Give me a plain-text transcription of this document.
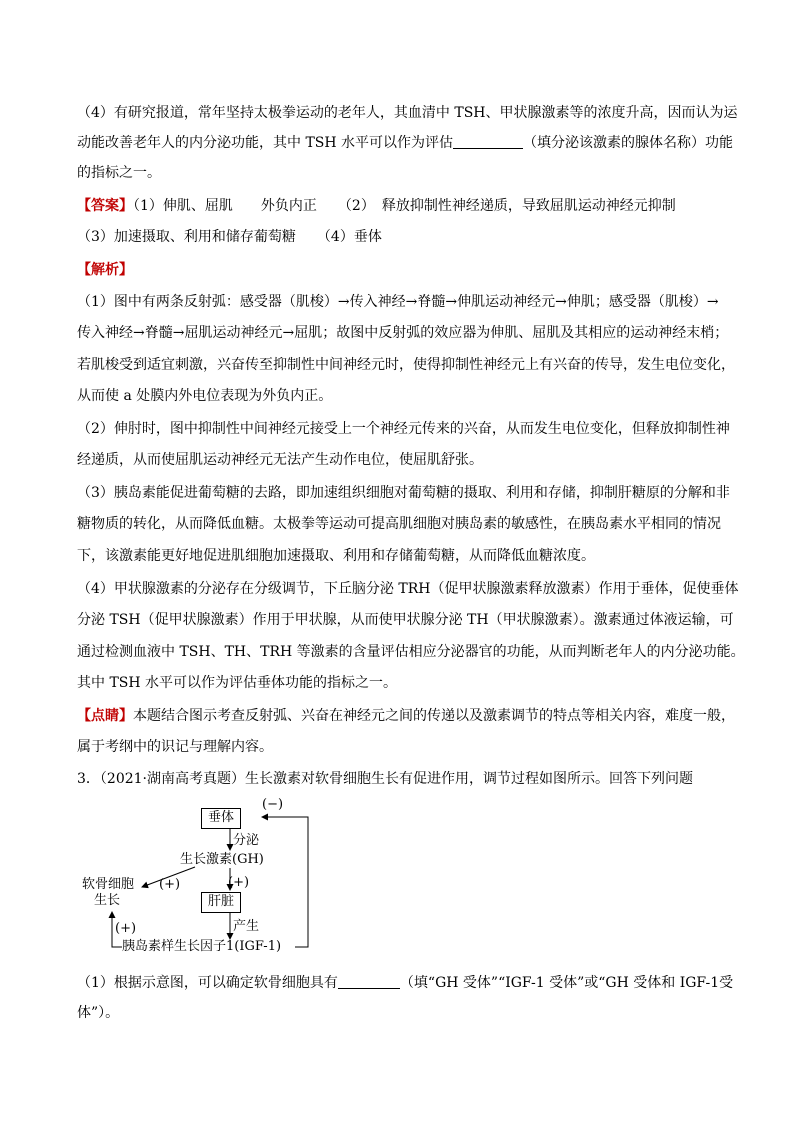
（4）有研究报道，常年坚持太极拳运动的老年人，其血清中 TSH、甲状腺激素等的浓度升高，因而认为运
动能改善老年人的内分泌功能，其中 TSH 水平可以作为评估	（填分泌该激素的腺体名称）功能
的指标之一。
【答案】（1）伸肌、屈肌　　外负内正　　（2）　释放抑制性神经递质，导致屈肌运动神经元抑制
（3）加速摄取、利用和储存葡萄糖　　（4）垂体
【解析】
（1）图中有两条反射弧：感受器（肌梭）→传入神经→脊髓→伸肌运动神经元→伸肌；感受器（肌梭）→
传入神经→脊髓→屈肌运动神经元→屈肌；故图中反射弧的效应器为伸肌、屈肌及其相应的运动神经末梢；
若肌梭受到适宜刺激，兴奋传至抑制性中间神经元时，使得抑制性神经元上有兴奋的传导，发生电位变化，
从而使 a 处膜内外电位表现为外负内正。
（2）伸肘时，图中抑制性中间神经元接受上一个神经元传来的兴奋，从而发生电位变化，但释放抑制性神
经递质，从而使屈肌运动神经元无法产生动作电位，使屈肌舒张。
（3）胰岛素能促进葡萄糖的去路，即加速组织细胞对葡萄糖的摄取、利用和存储，抑制肝糖原的分解和非
糖物质的转化，从而降低血糖。太极拳等运动可提高肌细胞对胰岛素的敏感性，在胰岛素水平相同的情况
下，该激素能更好地促进肌细胞加速摄取、利用和存储葡萄糖，从而降低血糖浓度。
（4）甲状腺激素的分泌存在分级调节，下丘脑分泌 TRH（促甲状腺激素释放激素）作用于垂体，促使垂体
分泌 TSH（促甲状腺激素）作用于甲状腺，从而使甲状腺分泌 TH（甲状腺激素）。激素通过体液运输，可
通过检测血液中 TSH、TH、TRH 等激素的含量评估相应分泌器官的功能，从而判断老年人的内分泌功能。
其中 TSH 水平可以作为评估垂体功能的指标之一。
【点睛】本题结合图示考查反射弧、兴奋在神经元之间的传递以及激素调节的特点等相关内容，难度一般，
属于考纲中的识记与理解内容。
3．（2021·湖南高考真题）生长激素对软骨细胞生长有促进作用，调节过程如图所示。回答下列问题
垂体
(−)
分泌
生长激素(GH)
(+)
软骨细胞
生长
(+)
肝脏
产生
(+)
胰岛素样生长因子1(IGF-1)
（1）根据示意图，可以确定软骨细胞具有	（填“GH 受体”“IGF-1 受体”或“GH 受体和 IGF-1受
体”）。
